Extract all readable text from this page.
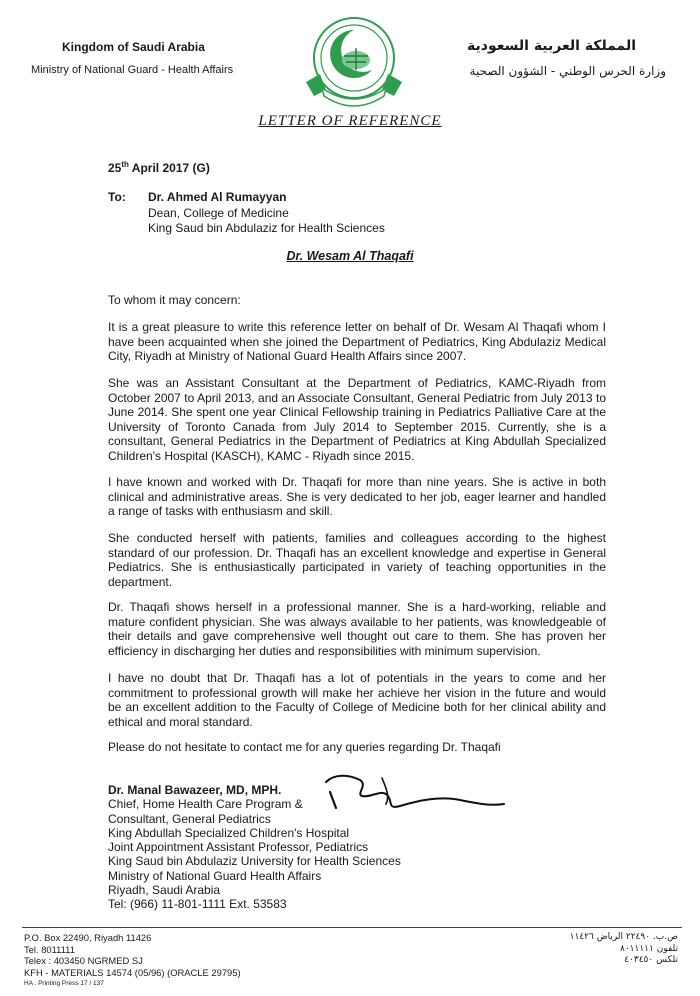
Kingdom of Saudi Arabia
Ministry of National Guard - Health Affairs
المملكة العربية السعودية
وزارة الحرس الوطني - الشؤون الصحية
LETTER OF REFERENCE
25th April 2017 (G)
To: Dr. Ahmed Al Rumayyan
Dean, College of Medicine
King Saud bin Abdulaziz for Health Sciences
Dr. Wesam Al Thaqafi
To whom it may concern:

It is a great pleasure to write this reference letter on behalf of Dr. Wesam Al Thaqafi whom I have been acquainted when she joined the Department of Pediatrics, King Abdulaziz Medical City, Riyadh at Ministry of National Guard Health Affairs since 2007.

She was an Assistant Consultant at the Department of Pediatrics, KAMC-Riyadh from October 2007 to April 2013, and an Associate Consultant, General Pediatric from July 2013 to June 2014. She spent one year Clinical Fellowship training in Pediatrics Palliative Care at the University of Toronto Canada from July 2014 to September 2015. Currently, she is a consultant, General Pediatrics in the Department of Pediatrics at King Abdullah Specialized Children's Hospital (KASCH), KAMC - Riyadh since 2015.

I have known and worked with Dr. Thaqafi for more than nine years. She is active in both clinical and administrative areas. She is very dedicated to her job, eager learner and handled a range of tasks with enthusiasm and skill.

She conducted herself with patients, families and colleagues according to the highest standard of our profession. Dr. Thaqafi has an excellent knowledge and expertise in General Pediatrics. She is enthusiastically participated in variety of teaching opportunities in the department.

Dr. Thaqafi shows herself in a professional manner. She is a hard-working, reliable and mature confident physician. She was always available to her patients, was knowledgeable of their details and gave comprehensive well thought out care to them. She has proven her efficiency in discharging her duties and responsibilities with minimum supervision.

I have no doubt that Dr. Thaqafi has a lot of potentials in the years to come and her commitment to professional growth will make her achieve her vision in the future and would be an excellent addition to the Faculty of College of Medicine both for her clinical ability and ethical and moral standard.

Please do not hesitate to contact me for any queries regarding Dr. Thaqafi
Dr. Manal Bawazeer, MD, MPH.
Chief, Home Health Care Program &
Consultant, General Pediatrics
King Abdullah Specialized Children's Hospital
Joint Appointment Assistant Professor, Pediatrics
King Saud bin Abdulaziz University for Health Sciences
Ministry of National Guard Health Affairs
Riyadh, Saudi Arabia
Tel: (966) 11-801-1111 Ext. 53583
P.O. Box 22490, Riyadh 11426
Tel. 8011111
Telex : 403450 NGRMED SJ
KFH - MATERIALS 14574 (05/96) (ORACLE 29795)
HA . Printing Press 17 / 137
ص.ب. ٢٢٤٩٠ الرياض ١١٤٢٦
تلفون ٨٠١١١١١
تلكس ٤٠٣٤٥٠
